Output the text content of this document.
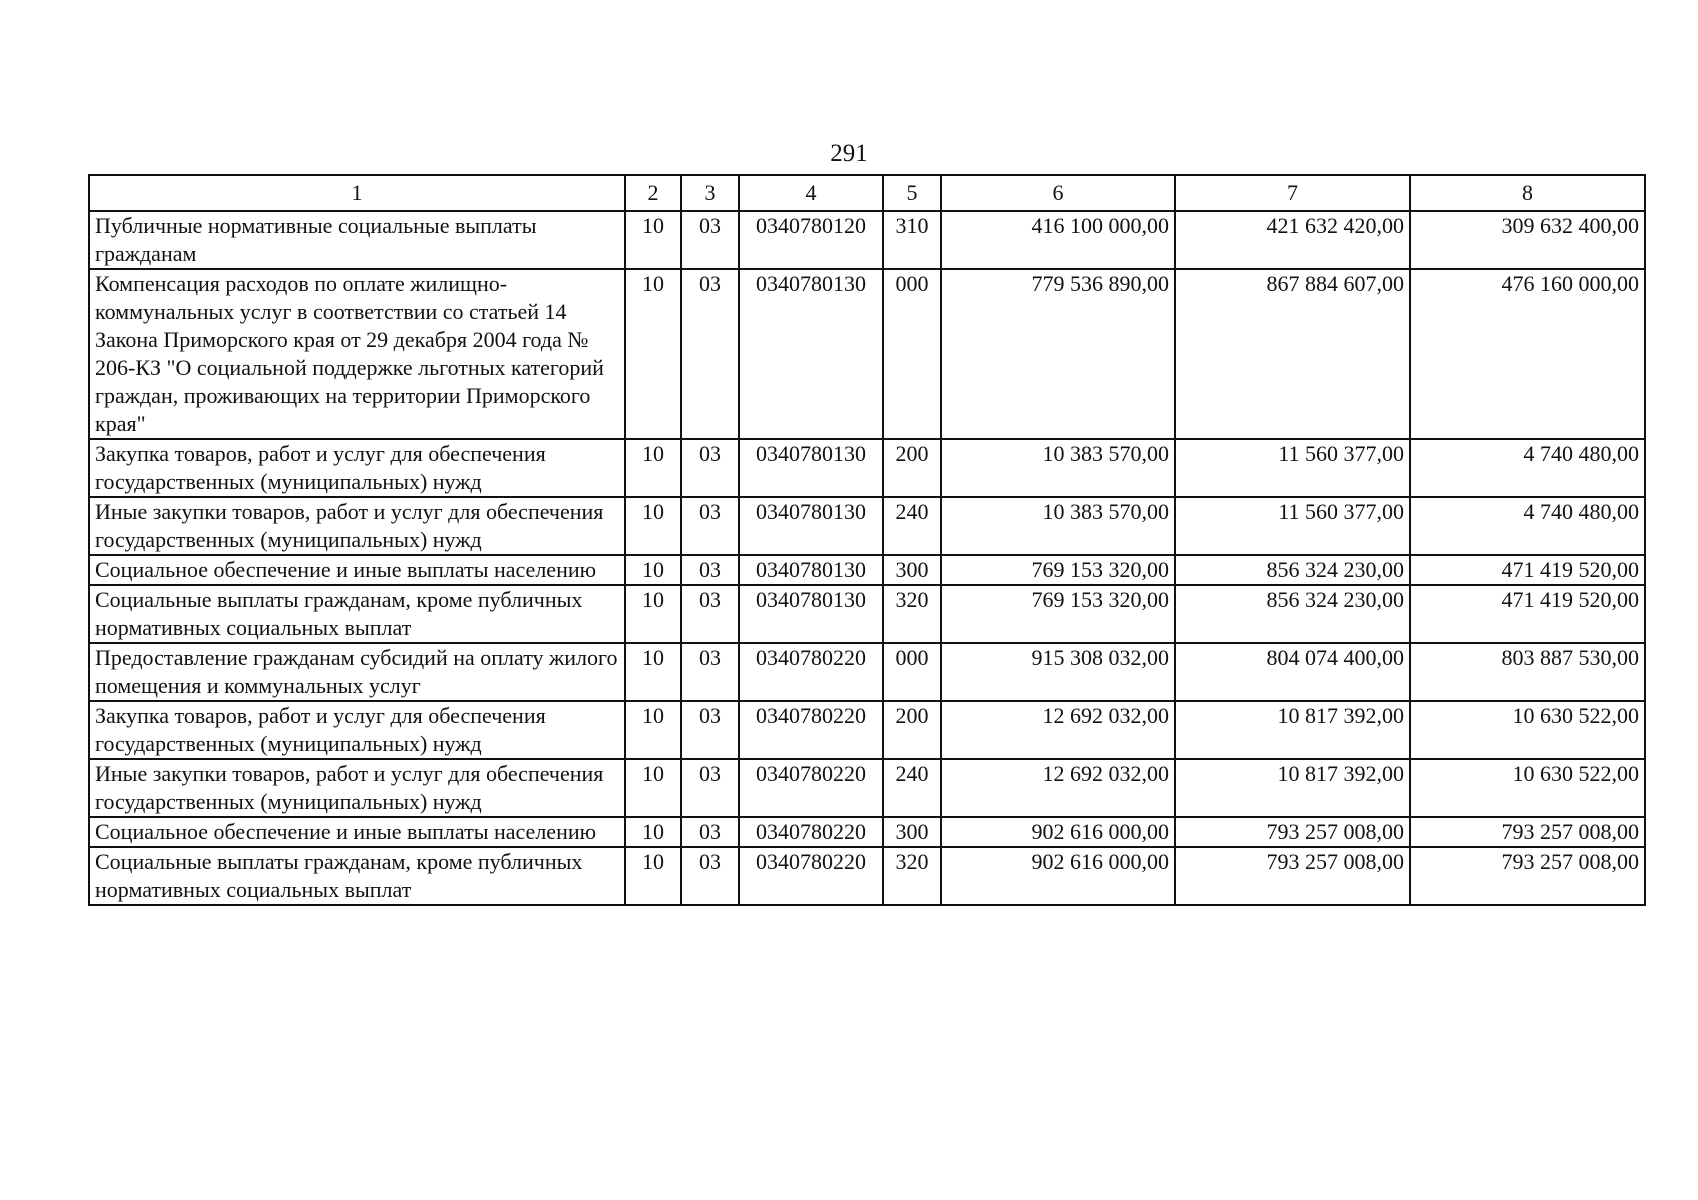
291
1	2	3	4	5	6	7	8
Публичные нормативные социальные выплаты гражданам	10	03	0340780120	310	416 100 000,00	421 632 420,00	309 632 400,00
Компенсация расходов по оплате жилищно-коммунальных услуг в соответствии со статьей 14 Закона Приморского края от 29 декабря 2004 года № 206-КЗ "О социальной поддержке льготных категорий граждан, проживающих на территории Приморского края"	10	03	0340780130	000	779 536 890,00	867 884 607,00	476 160 000,00
Закупка товаров, работ и услуг для обеспечения государственных (муниципальных) нужд	10	03	0340780130	200	10 383 570,00	11 560 377,00	4 740 480,00
Иные закупки товаров, работ и услуг для обеспечения государственных (муниципальных) нужд	10	03	0340780130	240	10 383 570,00	11 560 377,00	4 740 480,00
Социальное обеспечение и иные выплаты населению	10	03	0340780130	300	769 153 320,00	856 324 230,00	471 419 520,00
Социальные выплаты гражданам, кроме публичных нормативных социальных выплат	10	03	0340780130	320	769 153 320,00	856 324 230,00	471 419 520,00
Предоставление гражданам субсидий на оплату жилого помещения и коммунальных услуг	10	03	0340780220	000	915 308 032,00	804 074 400,00	803 887 530,00
Закупка товаров, работ и услуг для обеспечения государственных (муниципальных) нужд	10	03	0340780220	200	12 692 032,00	10 817 392,00	10 630 522,00
Иные закупки товаров, работ и услуг для обеспечения государственных (муниципальных) нужд	10	03	0340780220	240	12 692 032,00	10 817 392,00	10 630 522,00
Социальное обеспечение и иные выплаты населению	10	03	0340780220	300	902 616 000,00	793 257 008,00	793 257 008,00
Социальные выплаты гражданам, кроме публичных нормативных социальных выплат	10	03	0340780220	320	902 616 000,00	793 257 008,00	793 257 008,00
